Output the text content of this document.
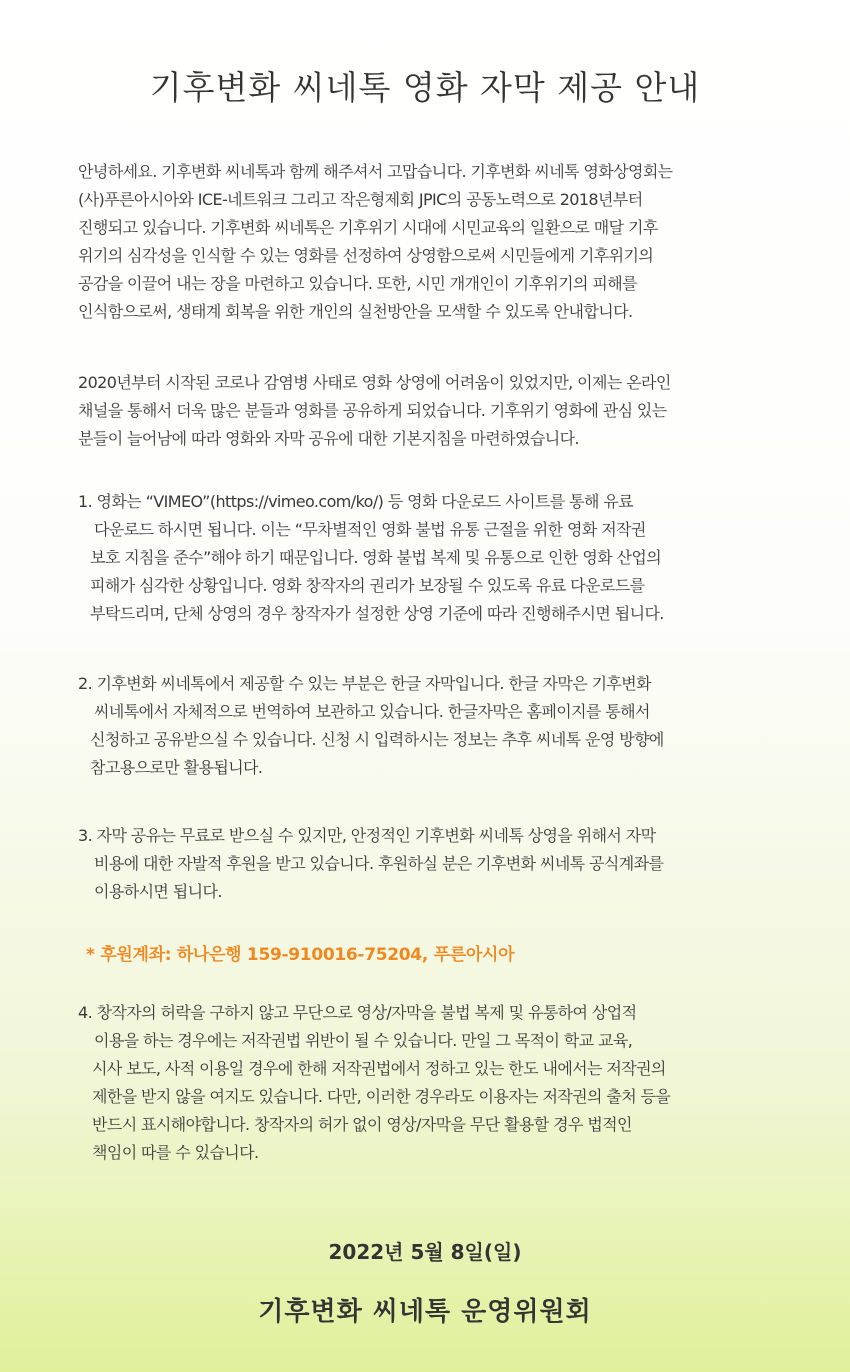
기후변화 씨네톡 영화 자막 제공 안내
안녕하세요. 기후변화 씨네톡과 함께 해주셔서 고맙습니다. 기후변화 씨네톡 영화상영회는
(사)푸른아시아와 ICE-네트워크 그리고 작은형제회 JPIC의 공동노력으로 2018년부터
진행되고 있습니다. 기후변화 씨네톡은 기후위기 시대에 시민교육의 일환으로 매달 기후
위기의 심각성을 인식할 수 있는 영화를 선정하여 상영함으로써 시민들에게 기후위기의
공감을 이끌어 내는 장을 마련하고 있습니다. 또한, 시민 개개인이 기후위기의 피해를
인식함으로써, 생태계 회복을 위한 개인의 실천방안을 모색할 수 있도록 안내합니다.
2020년부터 시작된 코로나 감염병 사태로 영화 상영에 어려움이 있었지만, 이제는 온라인
채널을 통해서 더욱 많은 분들과 영화를 공유하게 되었습니다. 기후위기 영화에 관심 있는
분들이 늘어남에 따라 영화와 자막 공유에 대한 기본지침을 마련하였습니다.
1. 영화는 “VIMEO”(https://vimeo.com/ko/) 등 영화 다운로드 사이트를 통해 유료
다운로드 하시면 됩니다. 이는 “무차별적인 영화 불법 유통 근절을 위한 영화 저작권
보호 지침을 준수”해야 하기 때문입니다. 영화 불법 복제 및 유통으로 인한 영화 산업의
피해가 심각한 상황입니다. 영화 창작자의 권리가 보장될 수 있도록 유료 다운로드를
부탁드리며, 단체 상영의 경우 창작자가 설정한 상영 기준에 따라 진행해주시면 됩니다.
2. 기후변화 씨네톡에서 제공할 수 있는 부분은 한글 자막입니다. 한글 자막은 기후변화
씨네톡에서 자체적으로 번역하여 보관하고 있습니다. 한글자막은 홈페이지를 통해서
신청하고 공유받으실 수 있습니다. 신청 시 입력하시는 정보는 추후 씨네톡 운영 방향에
참고용으로만 활용됩니다.
3. 자막 공유는 무료로 받으실 수 있지만, 안정적인 기후변화 씨네톡 상영을 위해서 자막
비용에 대한 자발적 후원을 받고 있습니다. 후원하실 분은 기후변화 씨네톡 공식계좌를
이용하시면 됩니다.
* 후원계좌: 하나은행 159-910016-75204, 푸른아시아
4. 창작자의 허락을 구하지 않고 무단으로 영상/자막을 불법 복제 및 유통하여 상업적
이용을 하는 경우에는 저작권법 위반이 될 수 있습니다. 만일 그 목적이 학교 교육,
시사 보도, 사적 이용일 경우에 한해 저작권법에서 정하고 있는 한도 내에서는 저작권의
제한을 받지 않을 여지도 있습니다. 다만, 이러한 경우라도 이용자는 저작권의 출처 등을
반드시 표시해야합니다. 창작자의 허가 없이 영상/자막을 무단 활용할 경우 법적인
책임이 따를 수 있습니다.
2022년 5월 8일(일)
기후변화 씨네톡 운영위원회
